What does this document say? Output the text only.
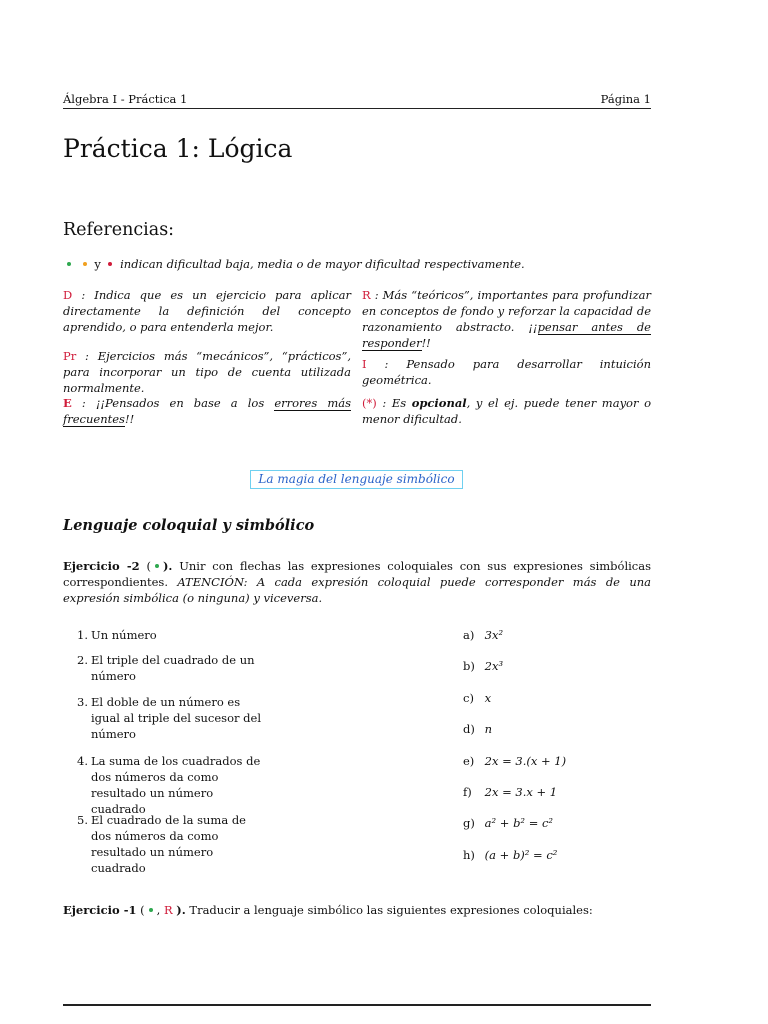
Álgebra I - Práctica 1	Página 1
Práctica 1: Lógica
Referencias:
y indican dificultad baja, media o de mayor dificultad respectivamente.
D : Indica que es un ejercicio para aplicar directamente la definición del concepto aprendido, o para entenderla mejor.
R : Más “teóricos”, importantes para profundizar en conceptos de fondo y reforzar la capacidad de razonamiento abstracto. ¡¡pensar antes de responder!!
Pr : Ejercicios más “mecánicos”, “prácticos”, para incorporar un tipo de cuenta utilizada normalmente.
I : Pensado para desarrollar intuición geométrica.
E : ¡¡Pensados en base a los errores más frecuentes!!
(*) : Es opcional, y el ej. puede tener mayor o menor dificultad.
La magia del lenguaje simbólico
Lenguaje coloquial y simbólico
Ejercicio -2 ( ). Unir con flechas las expresiones coloquiales con sus expresiones simbólicas correspondientes. ATENCIÓN: A cada expresión coloquial puede corresponder más de una expresión simbólica (o ninguna) y viceversa.
1. Un número
2. El triple del cuadrado de un número
3. El doble de un número es igual al triple del sucesor del número
4. La suma de los cuadrados de dos números da como resultado un número cuadrado
5. El cuadrado de la suma de dos números da como resultado un número cuadrado
a) 3x²
b) 2x³
c) x
d) n
e) 2x = 3.(x + 1)
f) 2x = 3.x + 1
g) a² + b² = c²
h) (a + b)² = c²
Ejercicio -1 ( , R ). Traducir a lenguaje simbólico las siguientes expresiones coloquiales:
